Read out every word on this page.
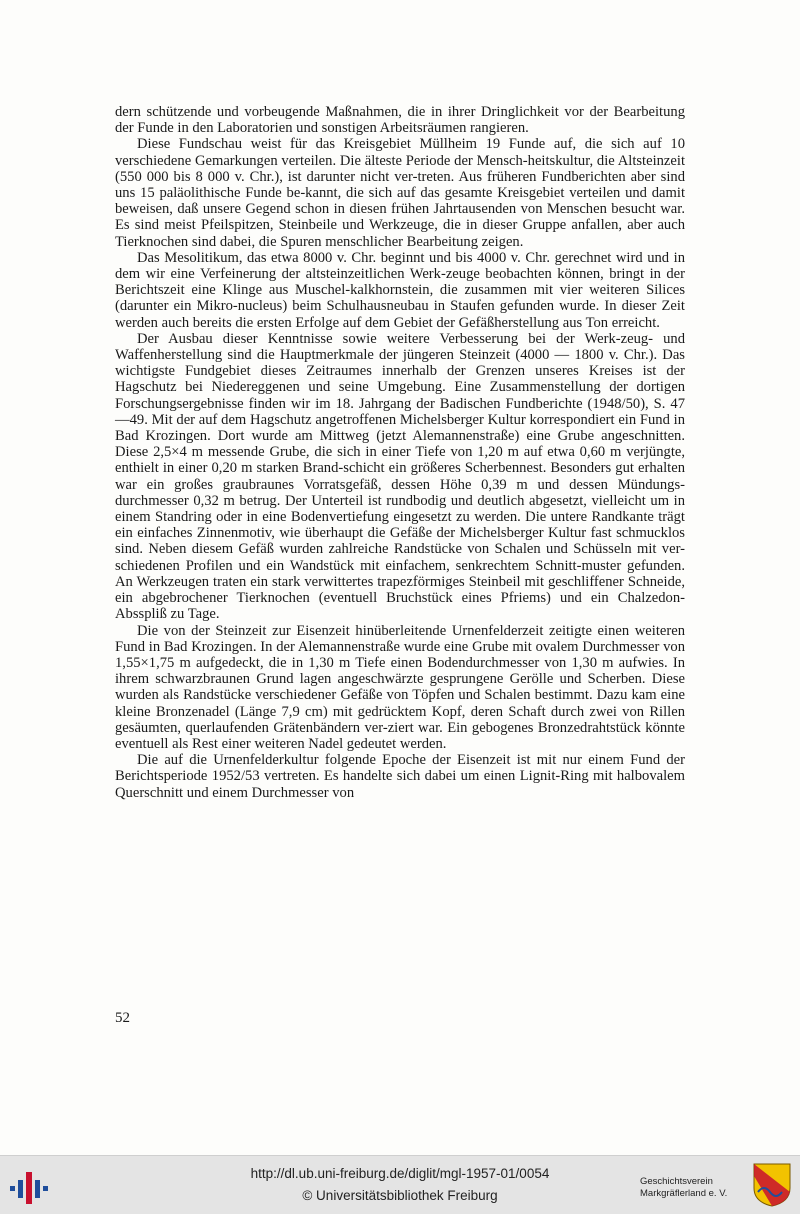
dern schützende und vorbeugende Maßnahmen, die in ihrer Dringlichkeit vor der Bearbeitung der Funde in den Laboratorien und sonstigen Arbeitsräumen rangieren.

Diese Fundschau weist für das Kreisgebiet Müllheim 19 Funde auf, die sich auf 10 verschiedene Gemarkungen verteilen. Die älteste Periode der Mensch-heitskultur, die Altsteinzeit (550 000 bis 8 000 v. Chr.), ist darunter nicht ver-treten. Aus früheren Fundberichten aber sind uns 15 paläolithische Funde be-kannt, die sich auf das gesamte Kreisgebiet verteilen und damit beweisen, daß unsere Gegend schon in diesen frühen Jahrtausenden von Menschen besucht war. Es sind meist Pfeilspitzen, Steinbeile und Werkzeuge, die in dieser Gruppe anfallen, aber auch Tierknochen sind dabei, die Spuren menschlicher Bearbeitung zeigen.

Das Mesolitikum, das etwa 8000 v. Chr. beginnt und bis 4000 v. Chr. gerechnet wird und in dem wir eine Verfeinerung der altsteinzeitlichen Werk-zeuge beobachten können, bringt in der Berichtszeit eine Klinge aus Muschel-kalkhornstein, die zusammen mit vier weiteren Silices (darunter ein Mikro-nucleus) beim Schulhausneubau in Staufen gefunden wurde. In dieser Zeit werden auch bereits die ersten Erfolge auf dem Gebiet der Gefäßherstellung aus Ton erreicht.

Der Ausbau dieser Kenntnisse sowie weitere Verbesserung bei der Werk-zeug- und Waffenherstellung sind die Hauptmerkmale der jüngeren Steinzeit (4000 — 1800 v. Chr.). Das wichtigste Fundgebiet dieses Zeitraumes innerhalb der Grenzen unseres Kreises ist der Hagschutz bei Niedereggenen und seine Umgebung. Eine Zusammenstellung der dortigen Forschungsergebnisse finden wir im 18. Jahrgang der Badischen Fundberichte (1948/50), S. 47—49. Mit der auf dem Hagschutz angetroffenen Michelsberger Kultur korrespondiert ein Fund in Bad Krozingen. Dort wurde am Mittweg (jetzt Alemannenstraße) eine Grube angeschnitten. Diese 2,5×4 m messende Grube, die sich in einer Tiefe von 1,20 m auf etwa 0,60 m verjüngte, enthielt in einer 0,20 m starken Brand-schicht ein größeres Scherbennest. Besonders gut erhalten war ein großes graubraunes Vorratsgefäß, dessen Höhe 0,39 m und dessen Mündungs-durchmesser 0,32 m betrug. Der Unterteil ist rundbodig und deutlich abgesetzt, vielleicht um in einem Standring oder in eine Bodenvertiefung eingesetzt zu werden. Die untere Randkante trägt ein einfaches Zinnenmotiv, wie überhaupt die Gefäße der Michelsberger Kultur fast schmucklos sind. Neben diesem Gefäß wurden zahlreiche Randstücke von Schalen und Schüsseln mit ver-schiedenen Profilen und ein Wandstück mit einfachem, senkrechtem Schnitt-muster gefunden. An Werkzeugen traten ein stark verwittertes trapezförmiges Steinbeil mit geschliffener Schneide, ein abgebrochener Tierknochen (eventuell Bruchstück eines Pfriems) und ein Chalzedon-Absspliß zu Tage.

Die von der Steinzeit zur Eisenzeit hinüberleitende Urnenfelderzeit zeitigte einen weiteren Fund in Bad Krozingen. In der Alemannenstraße wurde eine Grube mit ovalem Durchmesser von 1,55×1,75 m aufgedeckt, die in 1,30 m Tiefe einen Bodendurchmesser von 1,30 m aufwies. In ihrem schwarzbraunen Grund lagen angeschwärzte gesprungene Gerölle und Scherben. Diese wurden als Randstücke verschiedener Gefäße von Töpfen und Schalen bestimmt. Dazu kam eine kleine Bronzenadel (Länge 7,9 cm) mit gedrücktem Kopf, deren Schaft durch zwei von Rillen gesäumten, querlaufenden Grätenbändern ver-ziert war. Ein gebogenes Bronzedrahtstück könnte eventuell als Rest einer weiteren Nadel gedeutet werden.

Die auf die Urnenfelderkultur folgende Epoche der Eisenzeit ist mit nur einem Fund der Berichtsperiode 1952/53 vertreten. Es handelte sich dabei um einen Lignit-Ring mit halbovalem Querschnitt und einem Durchmesser von

52
http://dl.ub.uni-freiburg.de/diglit/mgl-1957-01/0054
© Universitätsbibliothek Freiburg
Geschichtsverein
Markgräflerland e. V.
